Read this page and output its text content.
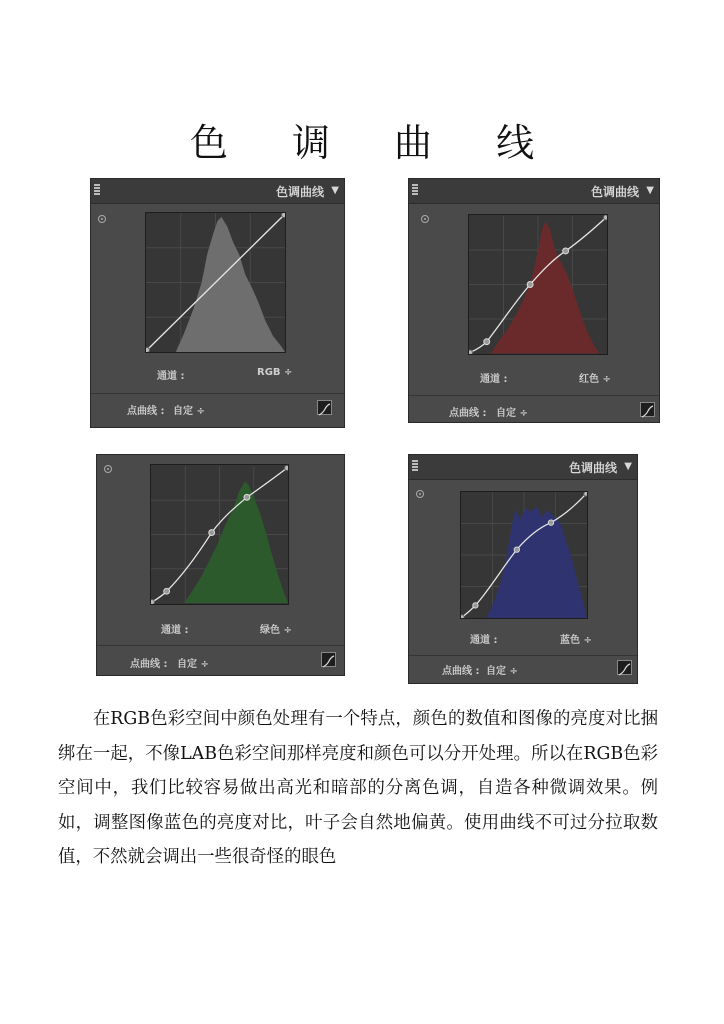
色 调 曲 线
色调曲线 ▼
通道 :	RGB ÷
点曲线 : 自定 ÷
色调曲线 ▼
通道 :	红色 ÷
点曲线 : 自定 ÷
通道 :	绿色 ÷
点曲线 : 自定 ÷
色调曲线 ▼
通道 :	蓝色 ÷
点曲线 : 自定 ÷
在RGB色彩空间中颜色处理有一个特点，颜色的数值和图像的亮度对比捆绑在一起，不像LAB色彩空间那样亮度和颜色可以分开处理。所以在RGB色彩空间中，我们比较容易做出高光和暗部的分离色调，自造各种微调效果。例如，调整图像蓝色的亮度对比，叶子会自然地偏黄。使用曲线不可过分拉取数值，不然就会调出一些很奇怪的眼色
